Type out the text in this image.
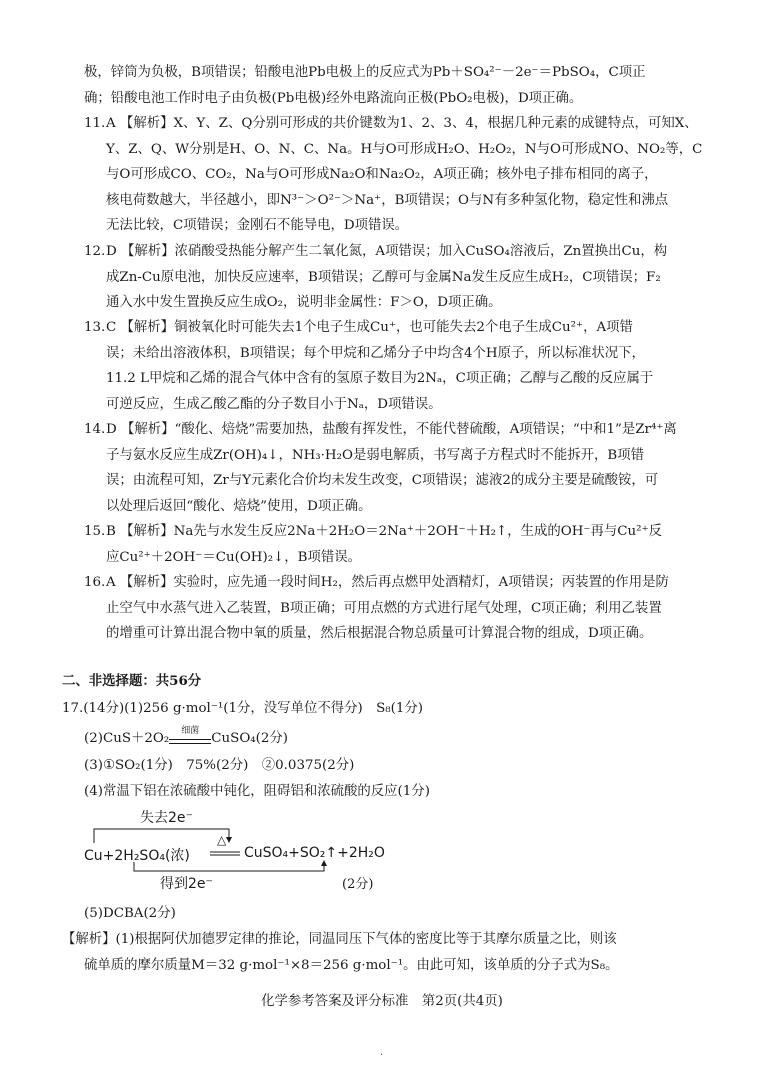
极，锌筒为负极，B项错误；铅酸电池Pb电极上的反应式为Pb＋SO₄²⁻－2e⁻＝PbSO₄，C项正
确；铅酸电池工作时电子由负极(Pb电极)经外电路流向正极(PbO₂电极)，D项正确。
11.A 【解析】X、Y、Z、Q分别可形成的共价键数为1、2、3、4，根据几种元素的成键特点，可知X、
Y、Z、Q、W分别是H、O、N、C、Na。H与O可形成H₂O、H₂O₂，N与O可形成NO、NO₂等，C
与O可形成CO、CO₂，Na与O可形成Na₂O和Na₂O₂，A项正确；核外电子排布相同的离子，
核电荷数越大，半径越小，即N³⁻＞O²⁻＞Na⁺，B项错误；O与N有多种氢化物，稳定性和沸点
无法比较，C项错误；金刚石不能导电，D项错误。
12.D 【解析】浓硝酸受热能分解产生二氧化氮，A项错误；加入CuSO₄溶液后，Zn置换出Cu，构
成Zn-Cu原电池，加快反应速率，B项错误；乙醇可与金属Na发生反应生成H₂，C项错误；F₂
通入水中发生置换反应生成O₂，说明非金属性：F＞O，D项正确。
13.C 【解析】铜被氧化时可能失去1个电子生成Cu⁺，也可能失去2个电子生成Cu²⁺，A项错
误；未给出溶液体积，B项错误；每个甲烷和乙烯分子中均含4个H原子，所以标准状况下，
11.2 L甲烷和乙烯的混合气体中含有的氢原子数目为2Nₐ，C项正确；乙醇与乙酸的反应属于
可逆反应，生成乙酸乙酯的分子数目小于Nₐ，D项错误。
14.D 【解析】“酸化、焙烧”需要加热，盐酸有挥发性，不能代替硫酸，A项错误；“中和1”是Zr⁴⁺离
子与氨水反应生成Zr(OH)₄↓，NH₃·H₂O是弱电解质，书写离子方程式时不能拆开，B项错
误；由流程可知，Zr与Y元素化合价均未发生改变，C项错误；滤液2的成分主要是硫酸铵，可
以处理后返回“酸化、焙烧”使用，D项正确。
15.B 【解析】Na先与水发生反应2Na＋2H₂O＝2Na⁺＋2OH⁻＋H₂↑，生成的OH⁻再与Cu²⁺反
应Cu²⁺＋2OH⁻＝Cu(OH)₂↓，B项错误。
16.A 【解析】实验时，应先通一段时间H₂，然后再点燃甲处酒精灯，A项错误；丙装置的作用是防
止空气中水蒸气进入乙装置，B项正确；可用点燃的方式进行尾气处理，C项正确；利用乙装置
的增重可计算出混合物中氧的质量，然后根据混合物总质量可计算混合物的组成，D项正确。
二、非选择题：共56分
17.(14分)(1)256 g·mol⁻¹(1分，没写单位不得分)　S₈(1分)
(2)CuS＋2O₂	细菌 CuSO₄(2分)
(3)①SO₂(1分)　75%(2分)　②0.0375(2分)
(4)常温下铝在浓硫酸中钝化，阻碍铝和浓硫酸的反应(1分)
失去2e⁻
△
Cu+2H₂SO₄(浓)	CuSO₄+SO₂↑+2H₂O
得到2e⁻	(2分)
(5)DCBA(2分)
【解析】(1)根据阿伏加德罗定律的推论，同温同压下气体的密度比等于其摩尔质量之比，则该
硫单质的摩尔质量M＝32 g·mol⁻¹×8＝256 g·mol⁻¹。由此可知，该单质的分子式为S₈。
化学参考答案及评分标准　第2页(共4页)
·
